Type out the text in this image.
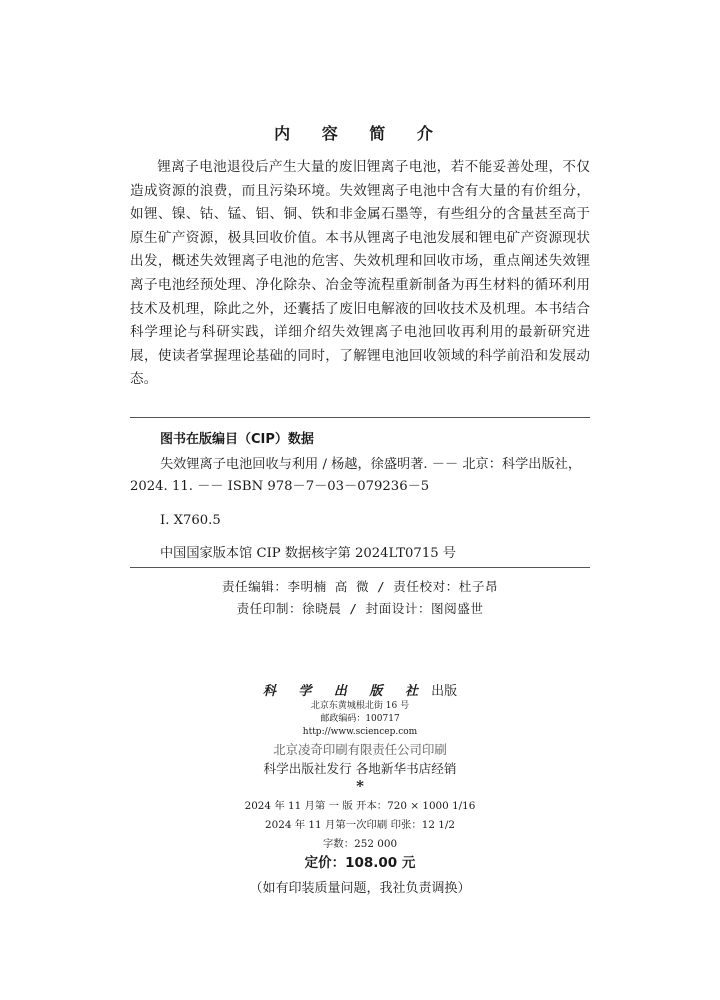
内 容 简 介
锂离子电池退役后产生大量的废旧锂离子电池，若不能妥善处理，不仅造成资源的浪费，而且污染环境。失效锂离子电池中含有大量的有价组分，如锂、镍、钴、锰、铝、铜、铁和非金属石墨等，有些组分的含量甚至高于原生矿产资源，极具回收价值。本书从锂离子电池发展和锂电矿产资源现状出发，概述失效锂离子电池的危害、失效机理和回收市场，重点阐述失效锂离子电池经预处理、净化除杂、冶金等流程重新制备为再生材料的循环利用技术及机理，除此之外，还囊括了废旧电解液的回收技术及机理。本书结合科学理论与科研实践，详细介绍失效锂离子电池回收再利用的最新研究进展，使读者掌握理论基础的同时，了解锂电池回收领域的科学前沿和发展动态。
图书在版编目（CIP）数据
失效锂离子电池回收与利用 / 杨越，徐盛明著. －－ 北京：科学出版社，
2024. 11. －－ ISBN 978－7－03－079236－5
Ⅰ. X760.5
中国国家版本馆 CIP 数据核字第 2024LT0715 号
责任编辑：李明楠 高 微 / 责任校对：杜子昂
责任印制：徐晓晨 / 封面设计：图阅盛世
科 学 出 版 社 出版
北京东黄城根北街 16 号
邮政编码：100717
http://www.sciencep.com
北京凌奇印刷有限责任公司印刷
科学出版社发行 各地新华书店经销
*
2024 年 11 月第 一 版 开本：720 × 1000 1/16
2024 年 11 月第一次印刷 印张：12 1/2
字数：252 000
定价：108.00 元
（如有印装质量问题，我社负责调换）
